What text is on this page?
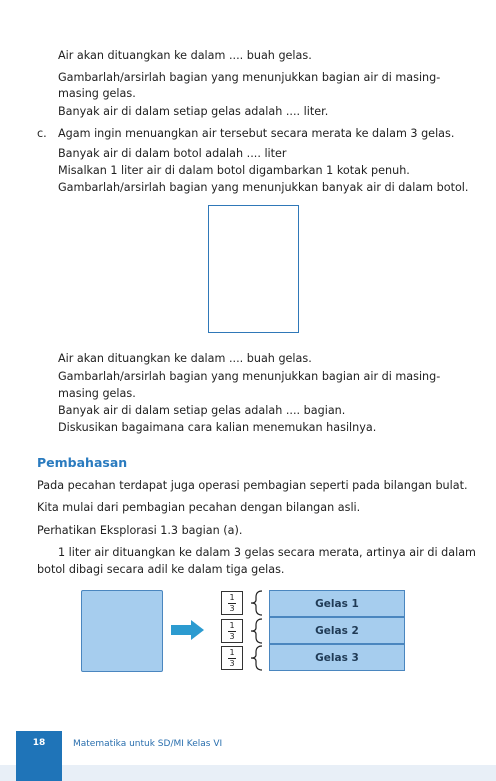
Air akan dituangkan ke dalam .... buah gelas.
Gambarlah/arsirlah bagian yang menunjukkan bagian air di masing-
masing gelas.
Banyak air di dalam setiap gelas adalah .... liter.
c. Agam ingin menuangkan air tersebut secara merata ke dalam 3 gelas.
Banyak air di dalam botol adalah .... liter
Misalkan 1 liter air di dalam botol digambarkan 1 kotak penuh.
Gambarlah/arsirlah bagian yang menunjukkan banyak air di dalam botol.
Air akan dituangkan ke dalam .... buah gelas.
Gambarlah/arsirlah bagian yang menunjukkan bagian air di masing-
masing gelas.
Banyak air di dalam setiap gelas adalah .... bagian.
Diskusikan bagaimana cara kalian menemukan hasilnya.
Pembahasan
Pada pecahan terdapat juga operasi pembagian seperti pada bilangan bulat.
Kita mulai dari pembagian pecahan dengan bilangan asli.
Perhatikan Eksplorasi 1.3 bagian (a).
1 liter air dituangkan ke dalam 3 gelas secara merata, artinya air di dalam
botol dibagi secara adil ke dalam tiga gelas.
1
3
1
3
1
3
Gelas 1
Gelas 2
Gelas 3
18	Matematika untuk SD/MI Kelas VI
